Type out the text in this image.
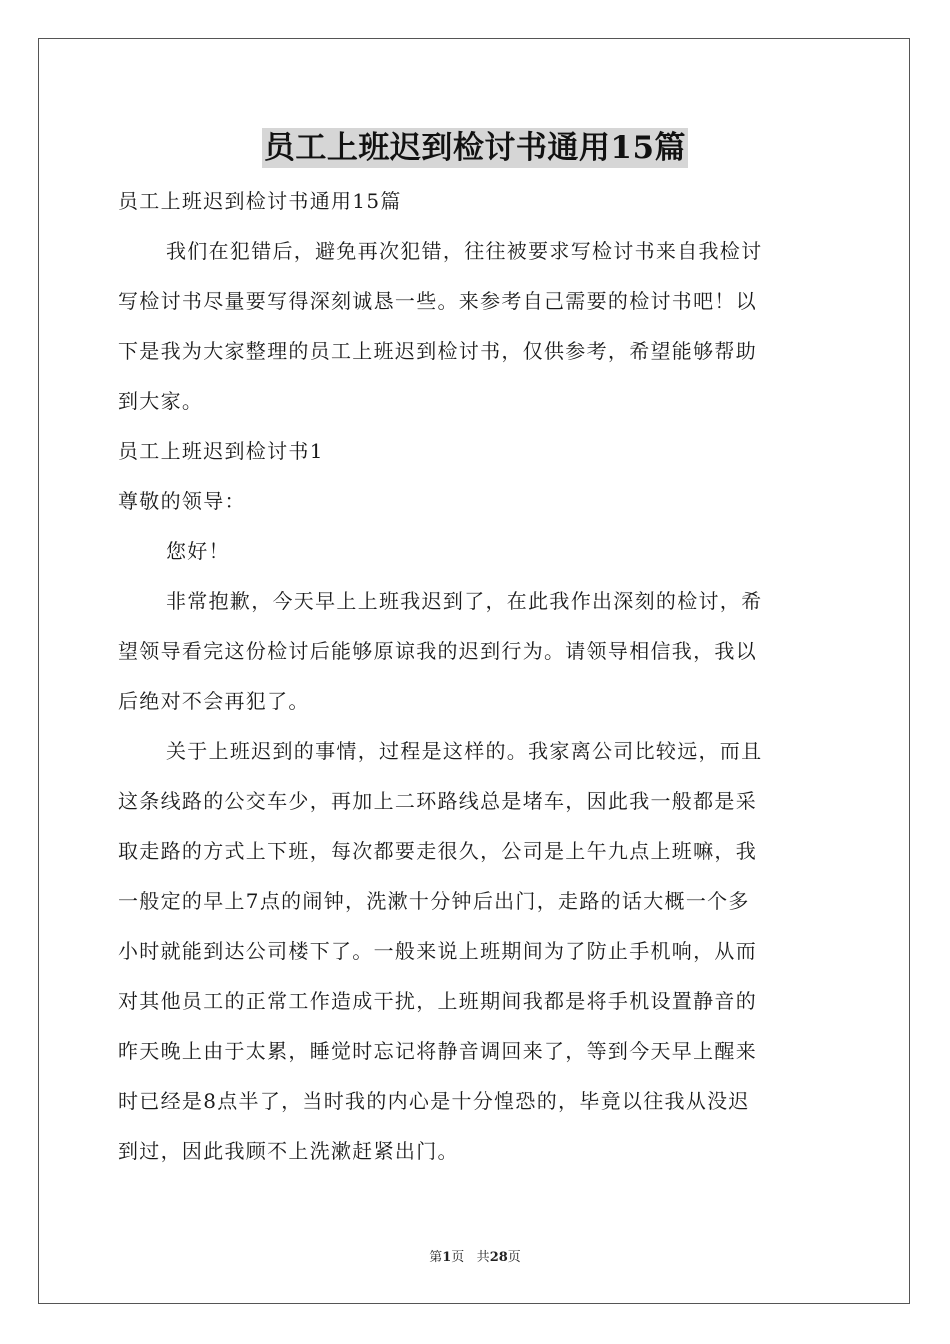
员工上班迟到检讨书通用15篇
员工上班迟到检讨书通用15篇
我们在犯错后，避免再次犯错，往往被要求写检讨书来自我检讨
写检讨书尽量要写得深刻诚恳一些。来参考自己需要的检讨书吧！以
下是我为大家整理的员工上班迟到检讨书，仅供参考，希望能够帮助
到大家。
员工上班迟到检讨书1
尊敬的领导：
您好！
非常抱歉，今天早上上班我迟到了，在此我作出深刻的检讨，希
望领导看完这份检讨后能够原谅我的迟到行为。请领导相信我，我以
后绝对不会再犯了。
关于上班迟到的事情，过程是这样的。我家离公司比较远，而且
这条线路的公交车少，再加上二环路线总是堵车，因此我一般都是采
取走路的方式上下班，每次都要走很久，公司是上午九点上班嘛，我
一般定的早上7点的闹钟，洗漱十分钟后出门，走路的话大概一个多
小时就能到达公司楼下了。一般来说上班期间为了防止手机响，从而
对其他员工的正常工作造成干扰，上班期间我都是将手机设置静音的
昨天晚上由于太累，睡觉时忘记将静音调回来了，等到今天早上醒来
时已经是8点半了，当时我的内心是十分惶恐的，毕竟以往我从没迟
到过，因此我顾不上洗漱赶紧出门。
第1页 共28页
